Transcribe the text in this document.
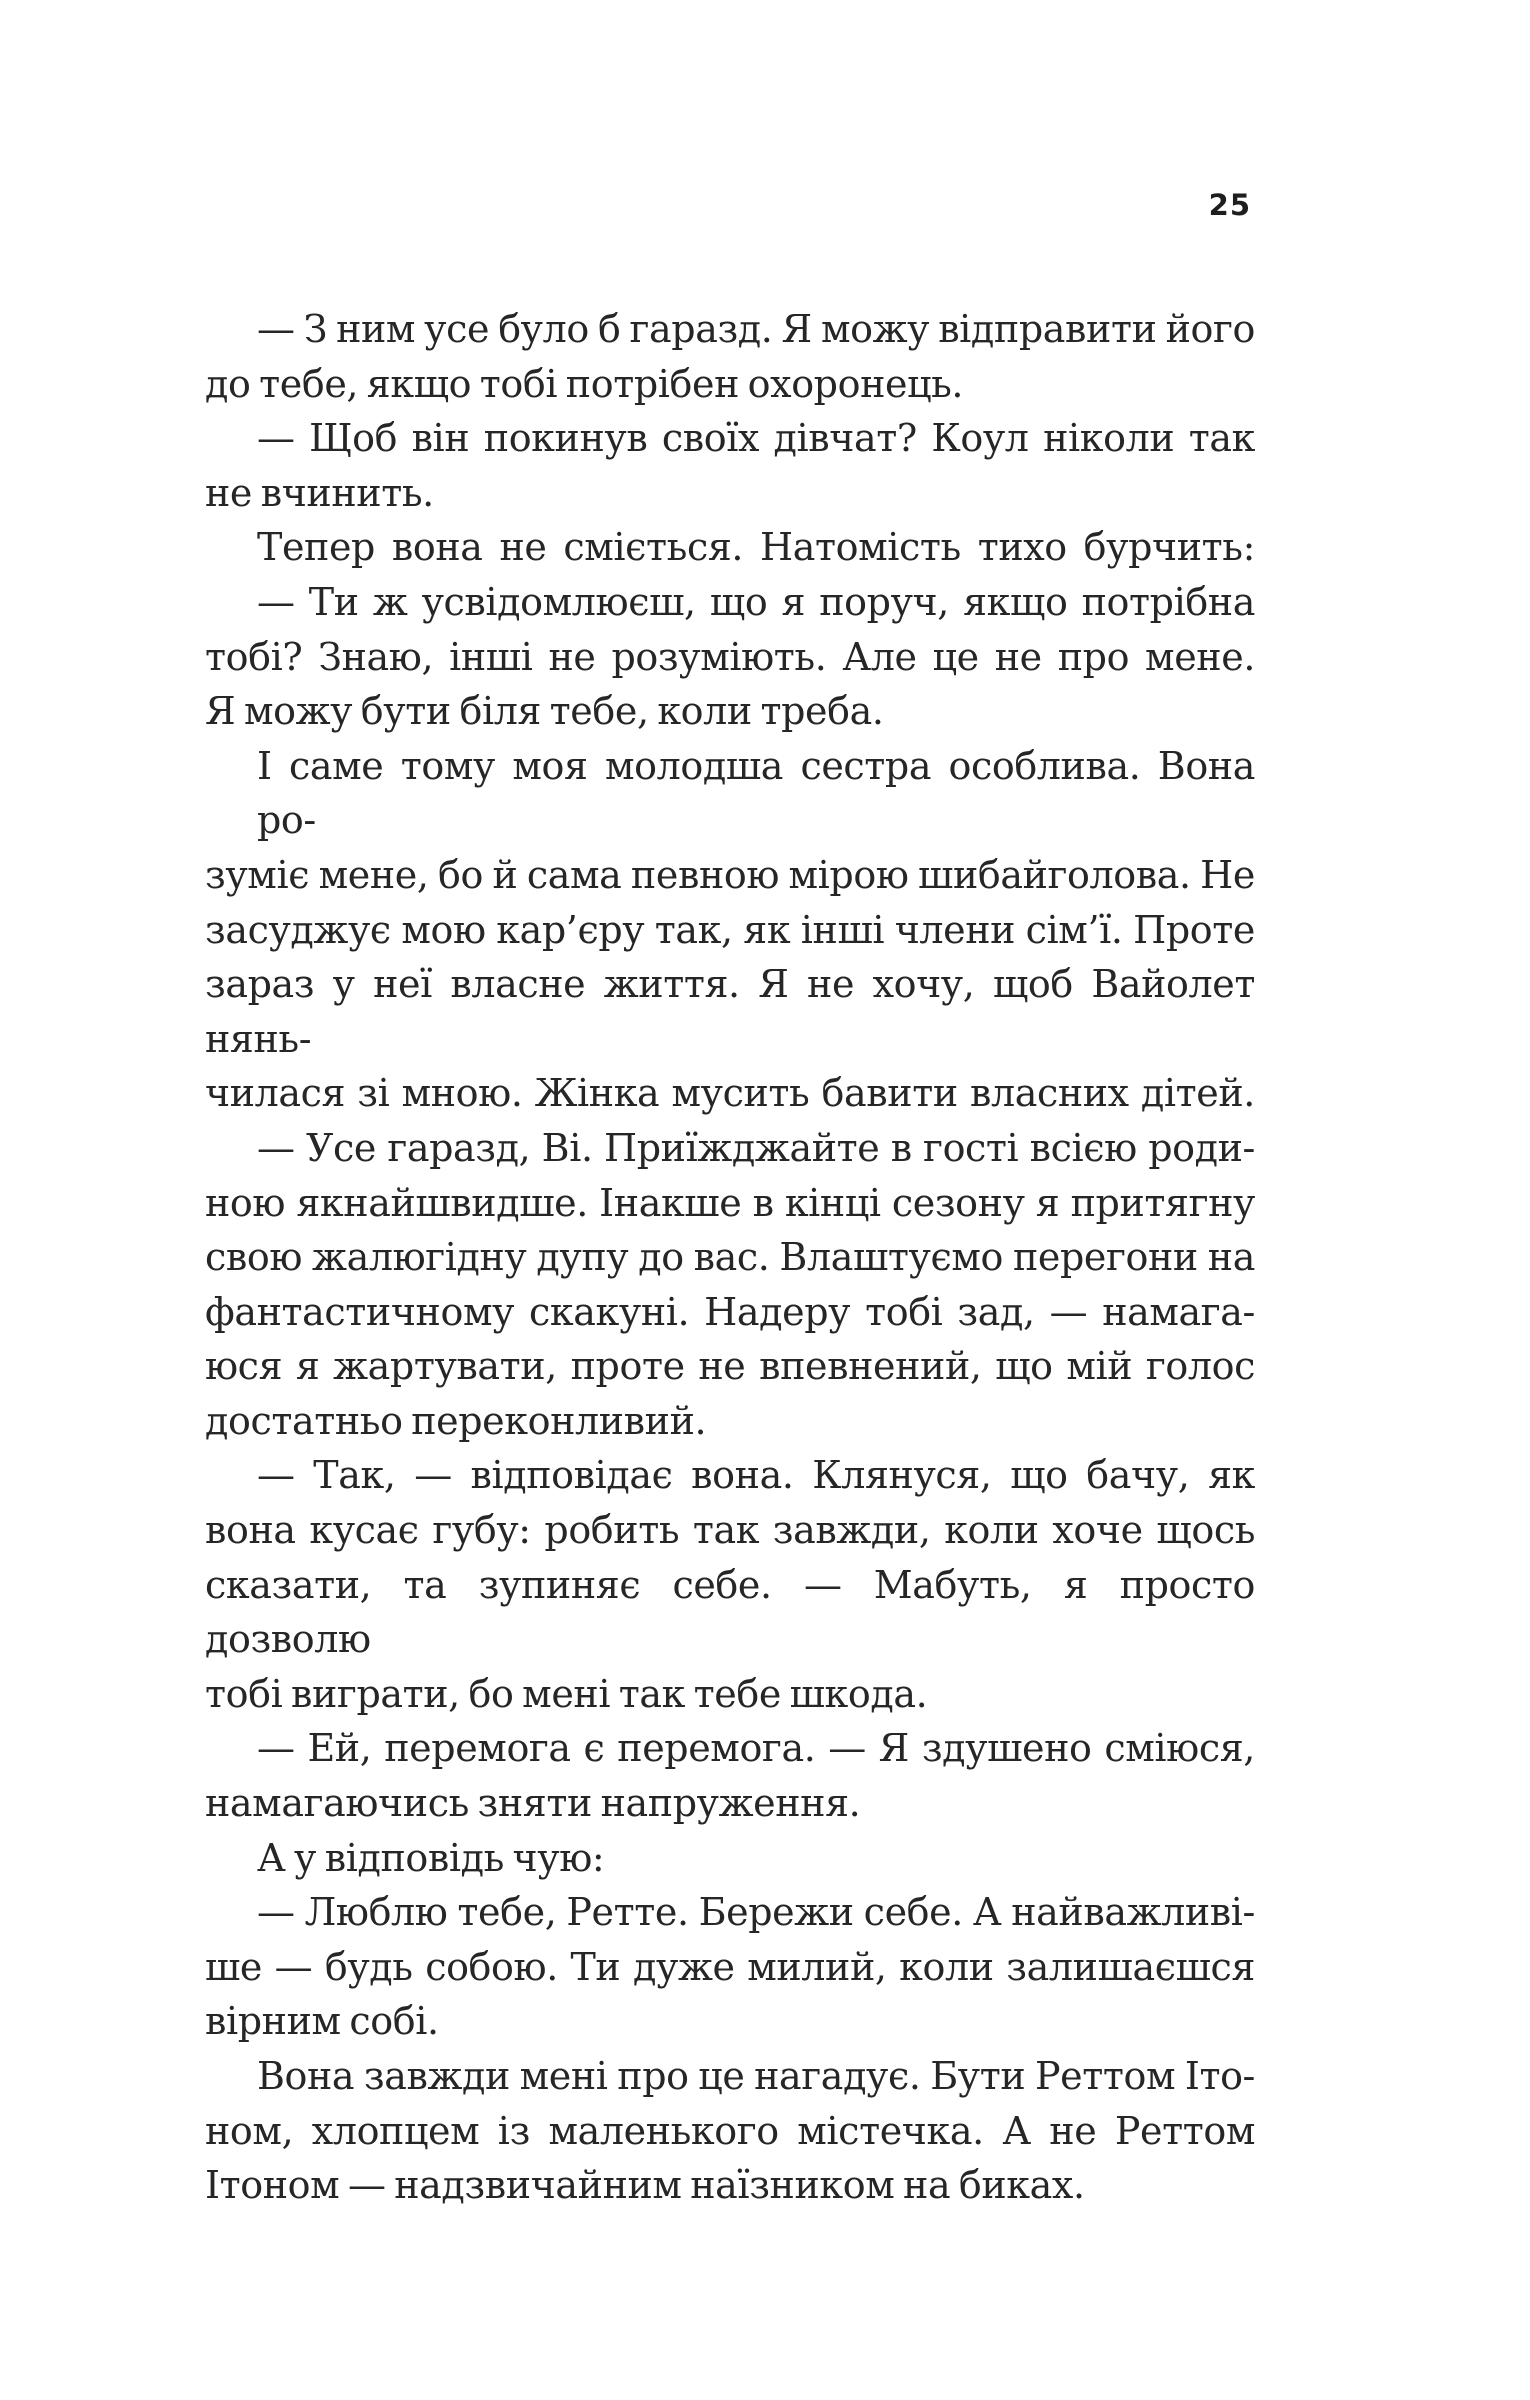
25
— З ним усе було б гаразд. Я можу відправити його
до тебе, якщо тобі потрібен охоронець.
— Щоб він покинув своїх дівчат? Коул ніколи так
не вчинить.
Тепер вона не сміється. Натомість тихо бурчить:
— Ти ж усвідомлюєш, що я поруч, якщо потрібна
тобі? Знаю, інші не розуміють. Але це не про мене.
Я можу бути біля тебе, коли треба.
І саме тому моя молодша сестра особлива. Вона ро-
зуміє мене, бо й сама певною мірою шибайголова. Не
засуджує мою кар’єру так, як інші члени сім’ї. Проте
зараз у неї власне життя. Я не хочу, щоб Вайолет нянь-
чилася зі мною. Жінка мусить бавити власних дітей.
— Усе гаразд, Ві. Приїжджайте в гості всією роди-
ною якнайшвидше. Інакше в кінці сезону я притягну
свою жалюгідну дупу до вас. Влаштуємо перегони на
фантастичному скакуні. Надеру тобі зад, — намага-
юся я жартувати, проте не впевнений, що мій голос
достатньо переконливий.
— Так, — відповідає вона. Клянуся, що бачу, як
вона кусає губу: робить так завжди, коли хоче щось
сказати, та зупиняє себе. — Мабуть, я просто дозволю
тобі виграти, бо мені так тебе шкода.
— Ей, перемога є перемога. — Я здушено сміюся,
намагаючись зняти напруження.
А у відповідь чую:
— Люблю тебе, Ретте. Бережи себе. А найважливі-
ше — будь собою. Ти дуже милий, коли залишаєшся
вірним собі.
Вона завжди мені про це нагадує. Бути Реттом Іто-
ном, хлопцем із маленького містечка. А не Реттом
Ітоном — надзвичайним наїзником на биках.
